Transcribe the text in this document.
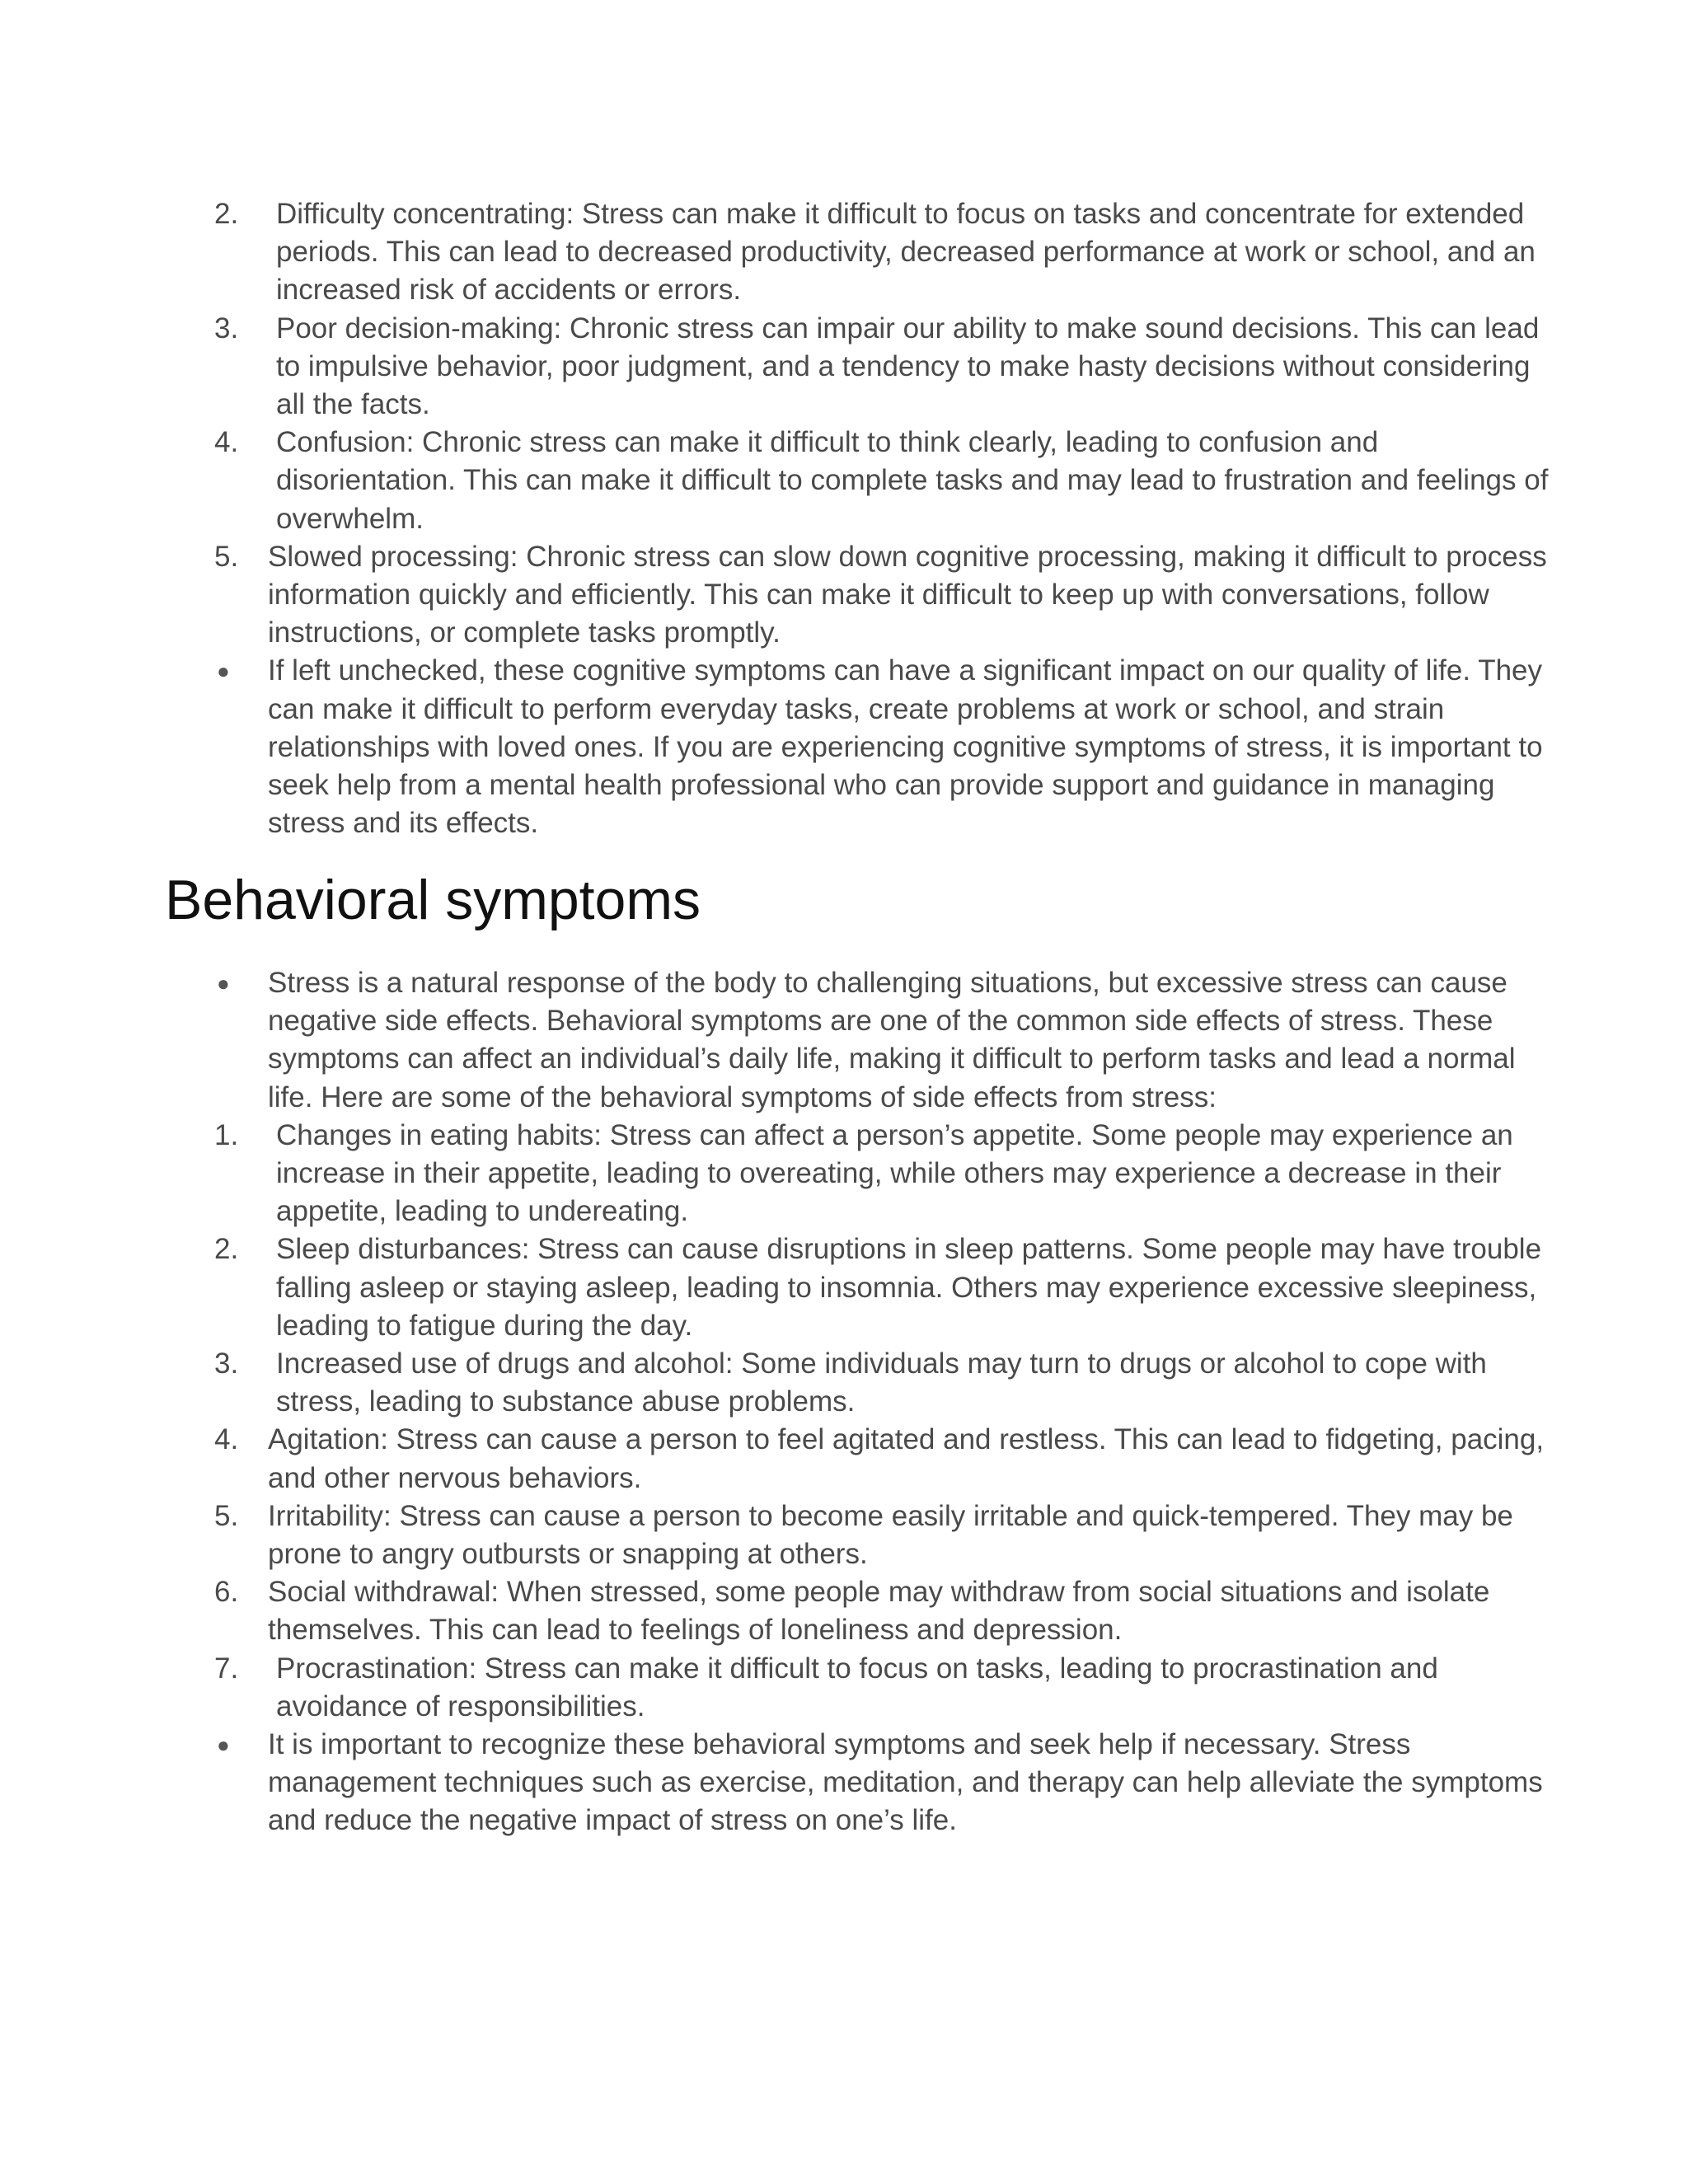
2.	Difficulty concentrating: Stress can make it difficult to focus on tasks and concentrate for extended periods. This can lead to decreased productivity, decreased performance at work or school, and an increased risk of accidents or errors.
3.	Poor decision-making: Chronic stress can impair our ability to make sound decisions. This can lead to impulsive behavior, poor judgment, and a tendency to make hasty decisions without considering all the facts.
4.	Confusion: Chronic stress can make it difficult to think clearly, leading to confusion and disorientation. This can make it difficult to complete tasks and may lead to frustration and feelings of overwhelm.
5.	Slowed processing: Chronic stress can slow down cognitive processing, making it difficult to process information quickly and efficiently. This can make it difficult to keep up with conversations, follow instructions, or complete tasks promptly.
●	If left unchecked, these cognitive symptoms can have a significant impact on our quality of life. They can make it difficult to perform everyday tasks, create problems at work or school, and strain relationships with loved ones. If you are experiencing cognitive symptoms of stress, it is important to seek help from a mental health professional who can provide support and guidance in managing stress and its effects.
Behavioral symptoms
●	Stress is a natural response of the body to challenging situations, but excessive stress can cause negative side effects. Behavioral symptoms are one of the common side effects of stress. These symptoms can affect an individual’s daily life, making it difficult to perform tasks and lead a normal life. Here are some of the behavioral symptoms of side effects from stress:
1.	Changes in eating habits: Stress can affect a person’s appetite. Some people may experience an increase in their appetite, leading to overeating, while others may experience a decrease in their appetite, leading to undereating.
2.	Sleep disturbances: Stress can cause disruptions in sleep patterns. Some people may have trouble falling asleep or staying asleep, leading to insomnia. Others may experience excessive sleepiness, leading to fatigue during the day.
3.	Increased use of drugs and alcohol: Some individuals may turn to drugs or alcohol to cope with stress, leading to substance abuse problems.
4.	Agitation: Stress can cause a person to feel agitated and restless. This can lead to fidgeting, pacing, and other nervous behaviors.
5.	Irritability: Stress can cause a person to become easily irritable and quick-tempered. They may be prone to angry outbursts or snapping at others.
6.	Social withdrawal: When stressed, some people may withdraw from social situations and isolate themselves. This can lead to feelings of loneliness and depression.
7.	Procrastination: Stress can make it difficult to focus on tasks, leading to procrastination and avoidance of responsibilities.
●	It is important to recognize these behavioral symptoms and seek help if necessary. Stress management techniques such as exercise, meditation, and therapy can help alleviate the symptoms and reduce the negative impact of stress on one’s life.
